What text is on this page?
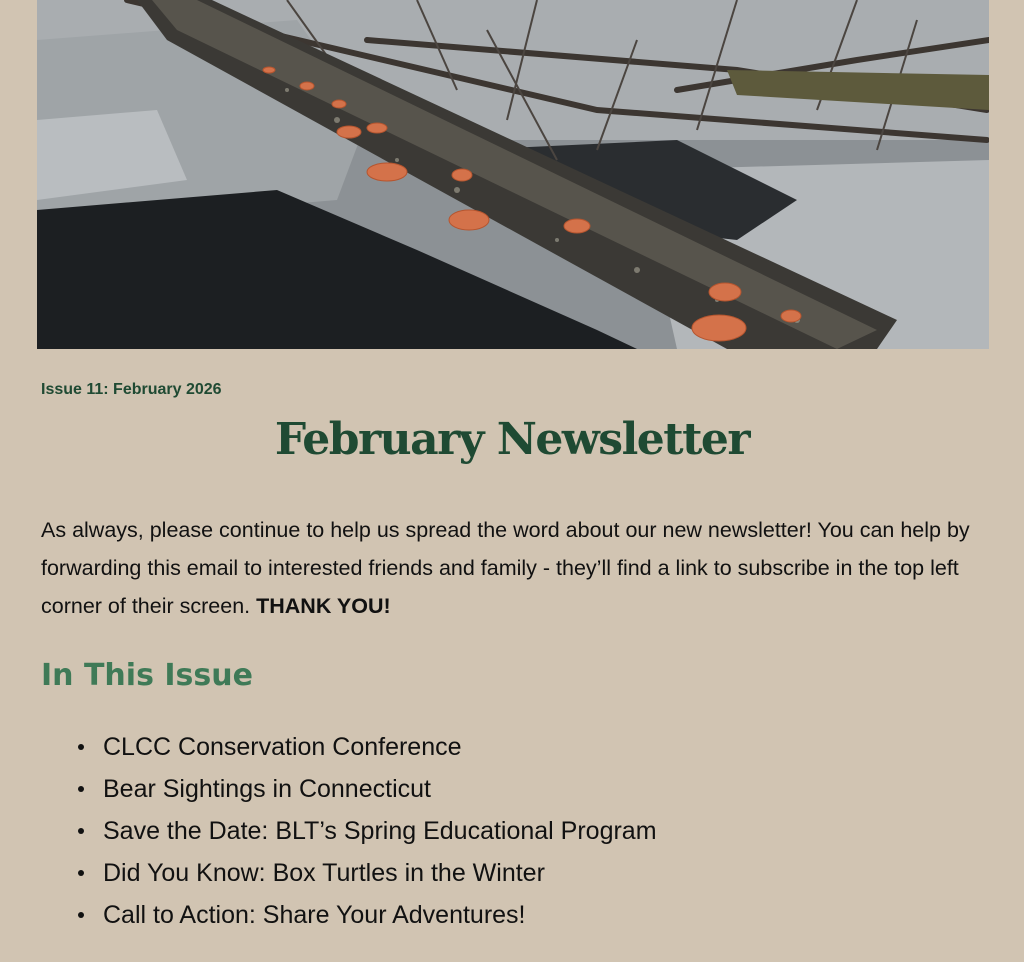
Issue 11: February 2026

February Newsletter

As always, please continue to help us spread the word about our new newsletter! You can help by forwarding this email to interested friends and family - they’ll find a link to subscribe in the top left corner of their screen. THANK YOU!

In This Issue
CLCC Conservation Conference
Bear Sightings in Connecticut
Save the Date: BLT’s Spring Educational Program
Did You Know: Box Turtles in the Winter
Call to Action: Share Your Adventures!
